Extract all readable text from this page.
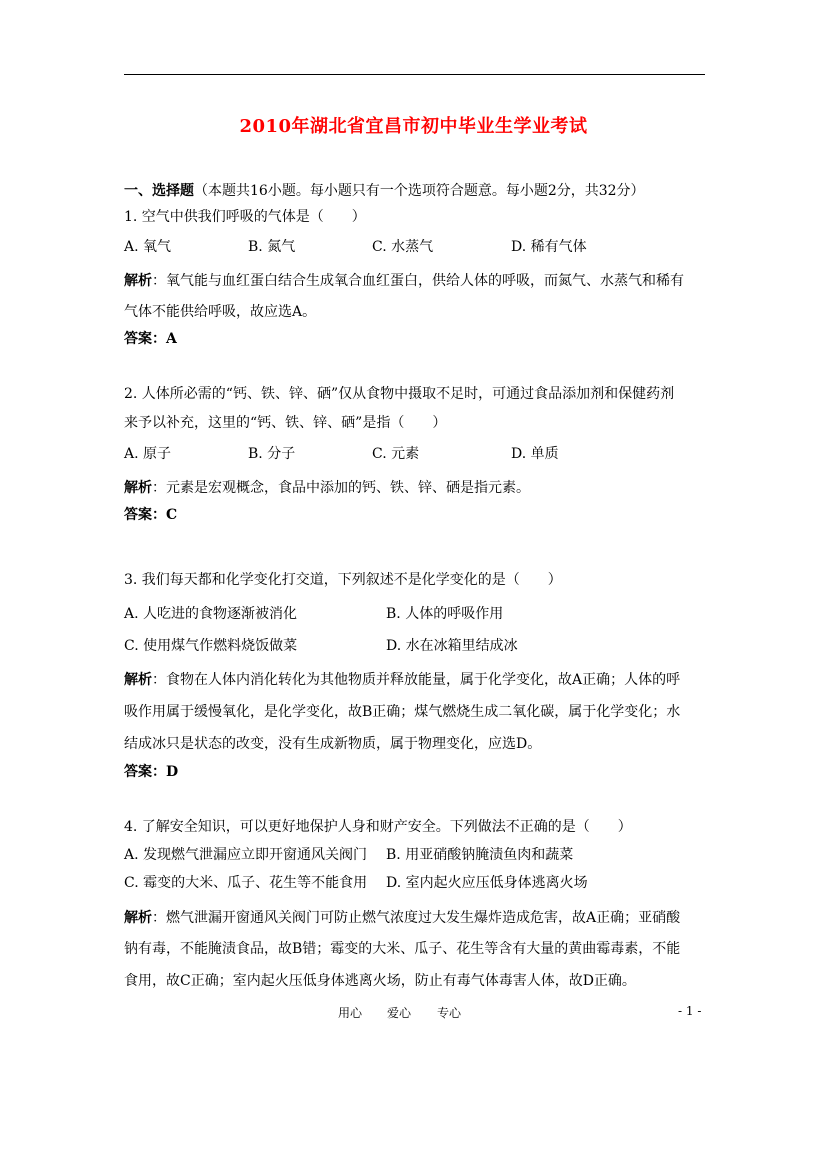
2010年湖北省宜昌市初中毕业生学业考试
一、选择题（本题共16小题。每小题只有一个选项符合题意。每小题2分，共32分）
1. 空气中供我们呼吸的气体是（　　）
A. 氧气	B. 氮气	C. 水蒸气	D. 稀有气体
解析：氧气能与血红蛋白结合生成氧合血红蛋白，供给人体的呼吸，而氮气、水蒸气和稀有
气体不能供给呼吸，故应选A。
答案：A
2. 人体所必需的“钙、铁、锌、硒”仅从食物中摄取不足时，可通过食品添加剂和保健药剂
来予以补充，这里的“钙、铁、锌、硒”是指（　　）
A. 原子	B. 分子	C. 元素	D. 单质
解析：元素是宏观概念，食品中添加的钙、铁、锌、硒是指元素。
答案：C
3. 我们每天都和化学变化打交道，下列叙述不是化学变化的是（　　）
A. 人吃进的食物逐渐被消化	B. 人体的呼吸作用
C. 使用煤气作燃料烧饭做菜	D. 水在冰箱里结成冰
解析：食物在人体内消化转化为其他物质并释放能量，属于化学变化，故A正确；人体的呼
吸作用属于缓慢氧化，是化学变化，故B正确；煤气燃烧生成二氧化碳，属于化学变化；水
结成冰只是状态的改变，没有生成新物质，属于物理变化，应选D。
答案：D
4. 了解安全知识，可以更好地保护人身和财产安全。下列做法不正确的是（　　）
A. 发现燃气泄漏应立即开窗通风关阀门 B. 用亚硝酸钠腌渍鱼肉和蔬菜
C. 霉变的大米、瓜子、花生等不能食用 D. 室内起火应压低身体逃离火场
解析：燃气泄漏开窗通风关阀门可防止燃气浓度过大发生爆炸造成危害，故A正确；亚硝酸
钠有毒，不能腌渍食品，故B错；霉变的大米、瓜子、花生等含有大量的黄曲霉毒素，不能
食用，故C正确；室内起火压低身体逃离火场，防止有毒气体毒害人体，故D正确。
用心 爱心 专心	- 1 -
